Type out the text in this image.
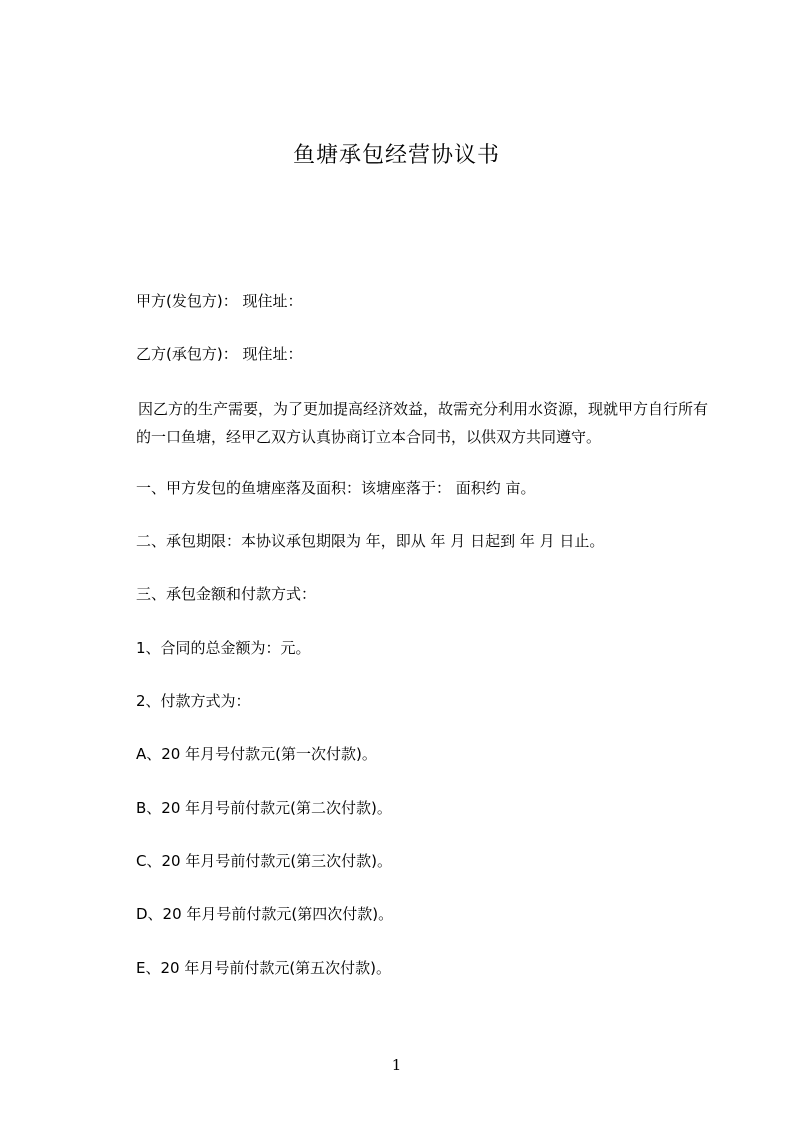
鱼塘承包经营协议书
甲方(发包方)： 现住址：
乙方(承包方)： 现住址：
因乙方的生产需要，为了更加提高经济效益，故需充分利用水资源，现就甲方自行所有的一口鱼塘，经甲乙双方认真协商订立本合同书，以供双方共同遵守。
一、甲方发包的鱼塘座落及面积：该塘座落于： 面积约 亩。
二、承包期限：本协议承包期限为 年，即从 年 月 日起到 年 月 日止。
三、承包金额和付款方式：
1、合同的总金额为：元。
2、付款方式为：
A、20 年月号付款元(第一次付款)。
B、20 年月号前付款元(第二次付款)。
C、20 年月号前付款元(第三次付款)。
D、20 年月号前付款元(第四次付款)。
E、20 年月号前付款元(第五次付款)。
1
